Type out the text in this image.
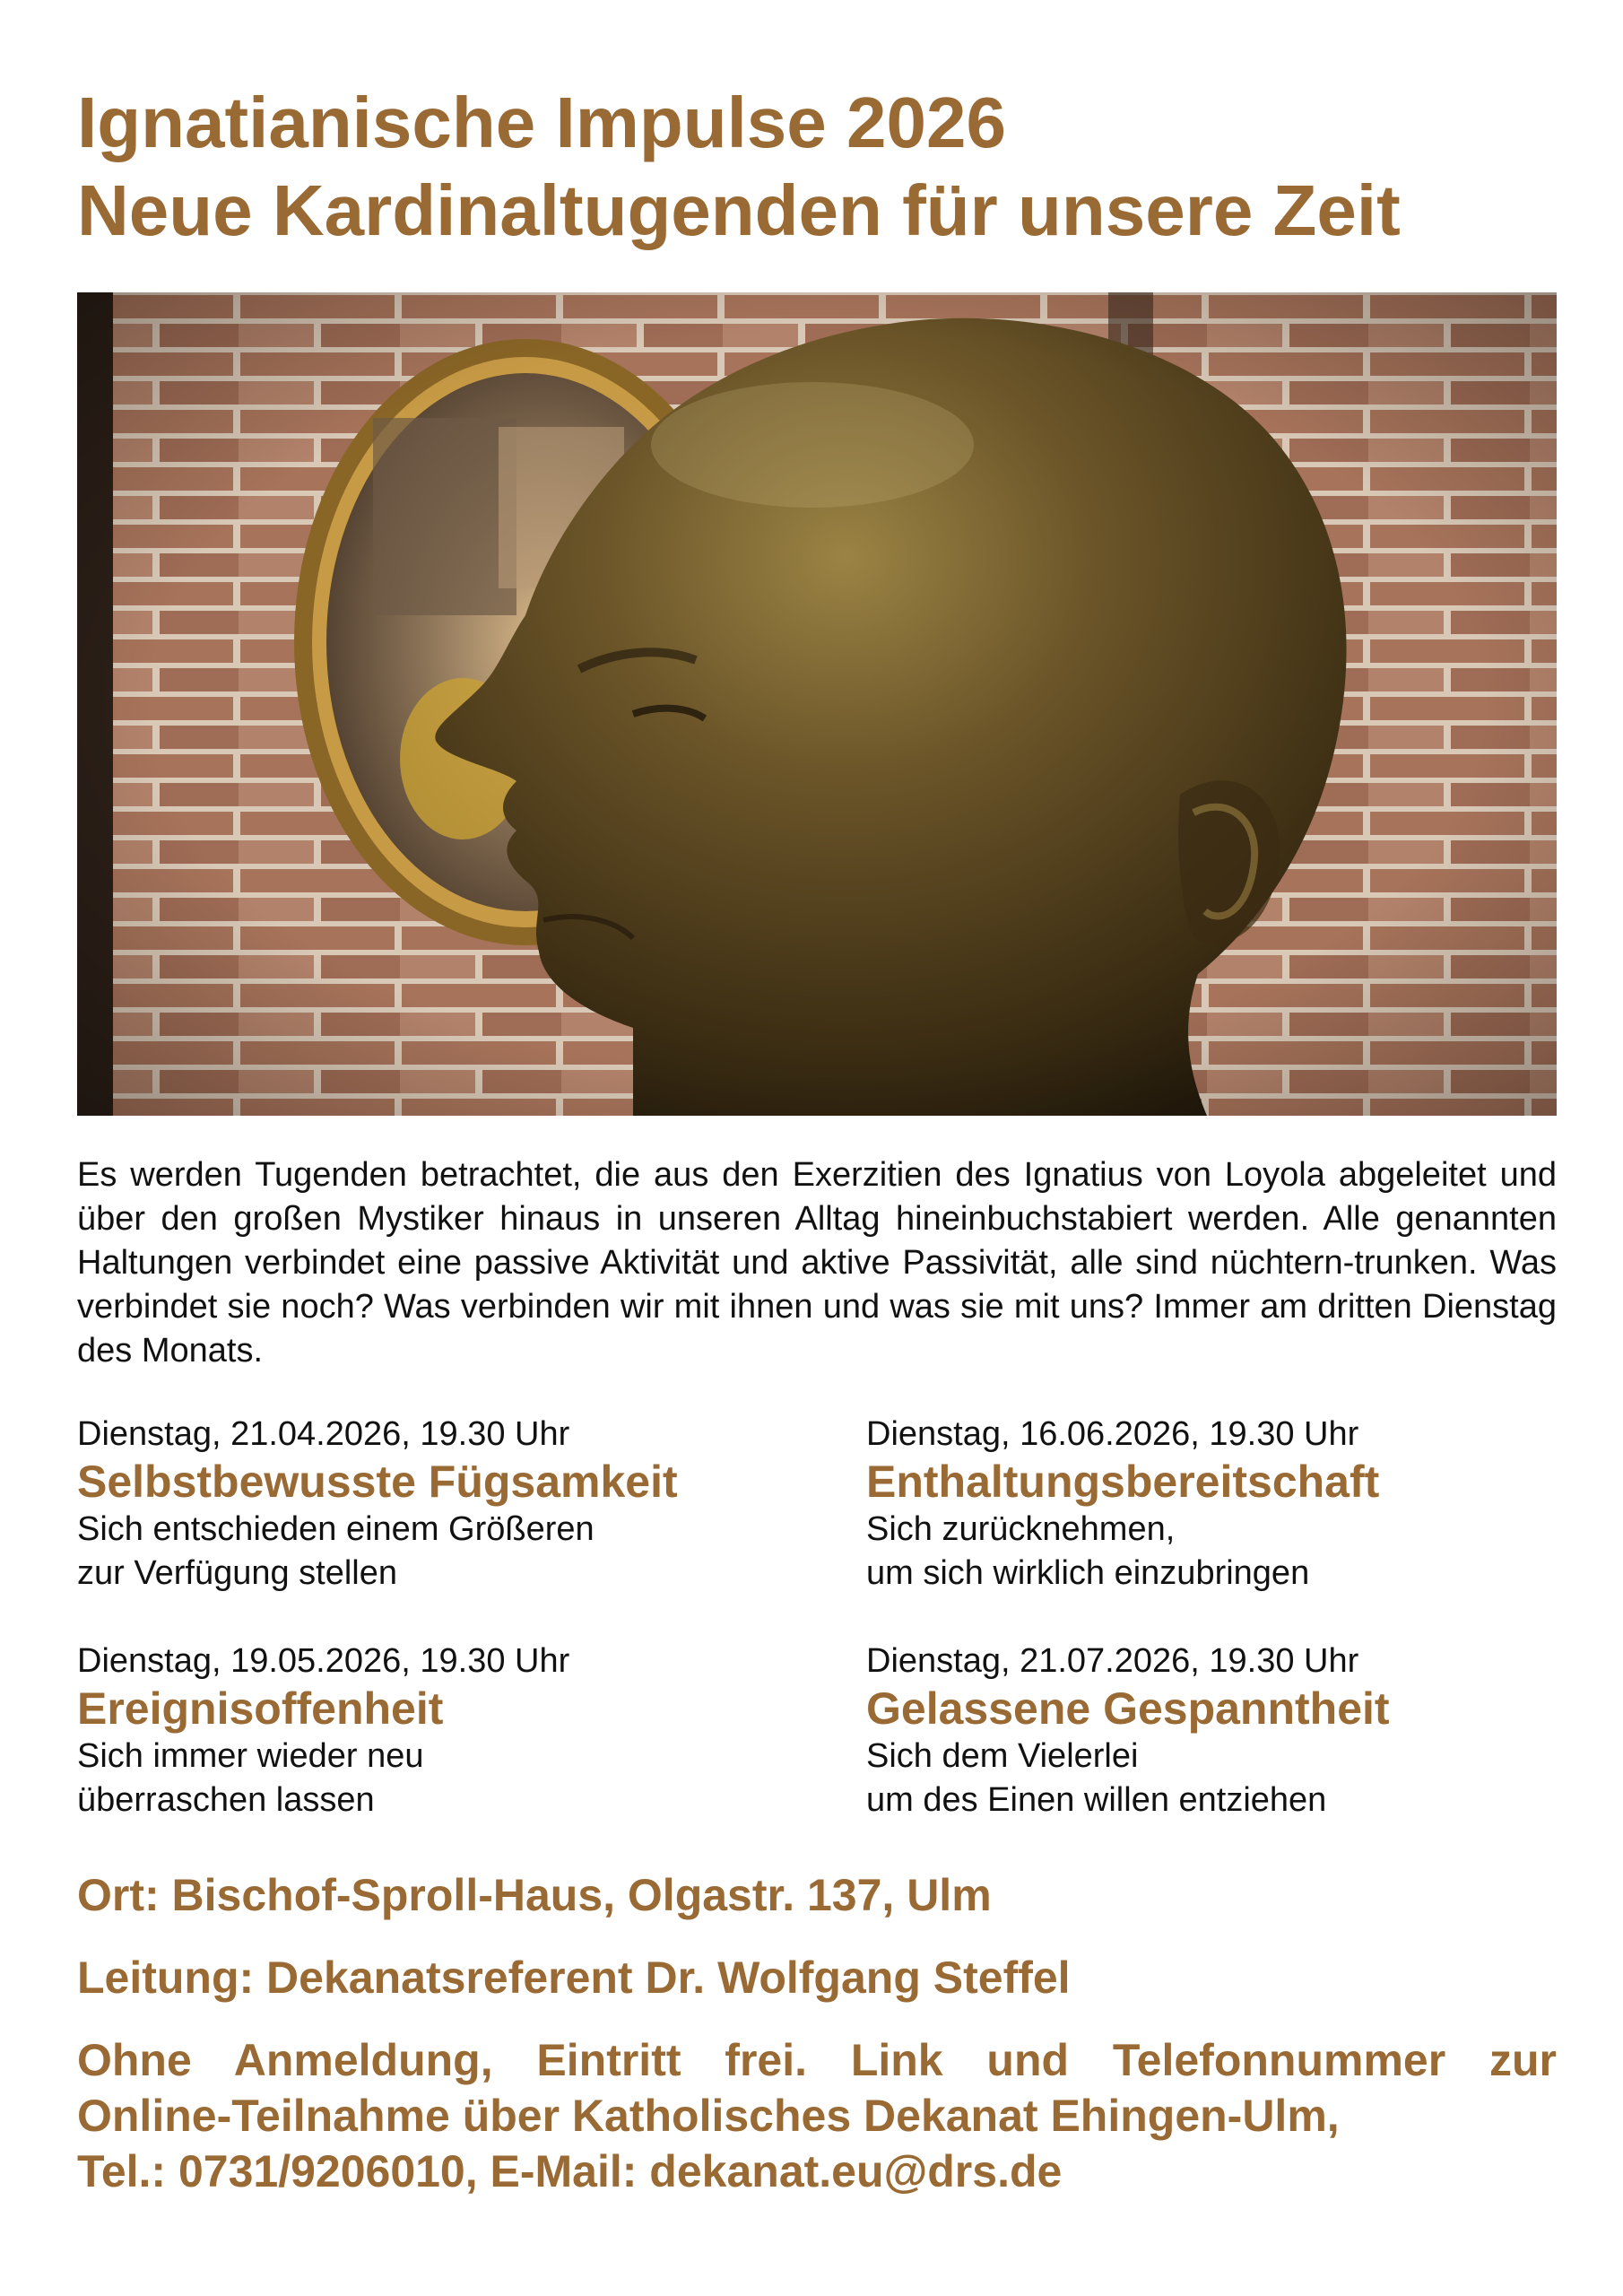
Ignatianische Impulse 2026
Neue Kardinaltugenden für unsere Zeit

Es werden Tugenden betrachtet, die aus den Exerzitien des Ignatius von Loyola abgeleitet und über den großen Mystiker hinaus in unseren Alltag hineinbuchstabiert werden. Alle genannten Haltungen verbindet eine passive Aktivität und aktive Passivität, alle sind nüchtern-trunken. Was verbindet sie noch? Was verbinden wir mit ihnen und was sie mit uns? Immer am dritten Dienstag des Monats.

Dienstag, 21.04.2026, 19.30 Uhr
Selbstbewusste Fügsamkeit
Sich entschieden einem Größeren
zur Verfügung stellen
Dienstag, 16.06.2026, 19.30 Uhr
Enthaltungsbereitschaft
Sich zurücknehmen,
um sich wirklich einzubringen
Dienstag, 19.05.2026, 19.30 Uhr
Ereignisoffenheit
Sich immer wieder neu
überraschen lassen
Dienstag, 21.07.2026, 19.30 Uhr
Gelassene Gespanntheit
Sich dem Vielerlei
um des Einen willen entziehen

Ort: Bischof-Sproll-Haus, Olgastr. 137, Ulm

Leitung: Dekanatsreferent Dr. Wolfgang Steffel

Ohne Anmeldung, Eintritt frei. Link und Telefonnummer zur
Online-Teilnahme über Katholisches Dekanat Ehingen-Ulm,
Tel.: 0731/9206010, E-Mail: dekanat.eu@drs.de
